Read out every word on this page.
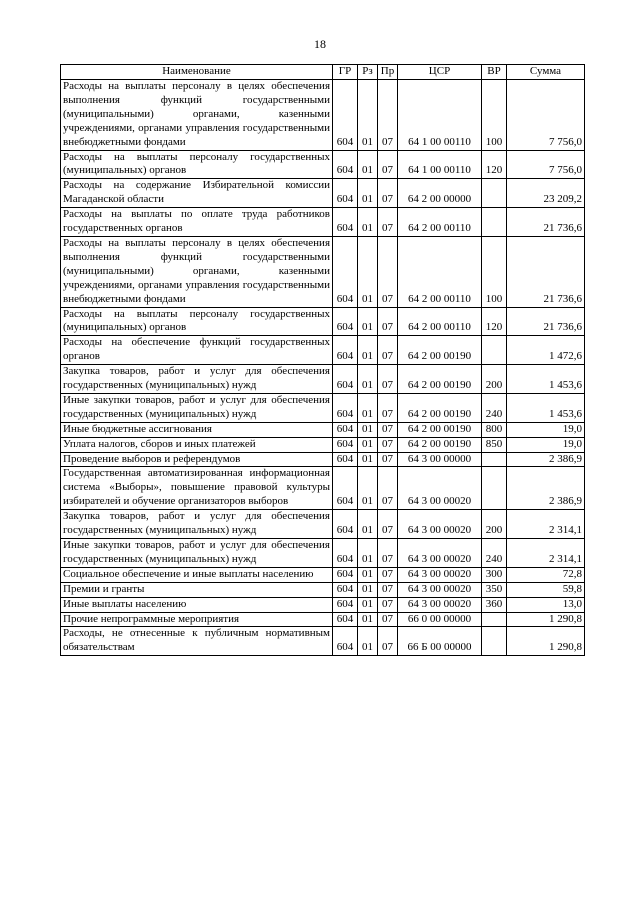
18
Наименование	ГР	Рз	Пр	ЦСР	ВР	Сумма
Расходы на выплаты персоналу в целях обеспечения выполнения функций государственными (муниципальными) органами, казенными учреждениями, органами управления государственными внебюджетными фондами	604	01	07	64 1 00 00110	100	7 756,0
Расходы на выплаты персоналу государственных (муниципальных) органов	604	01	07	64 1 00 00110	120	7 756,0
Расходы на содержание Избирательной комиссии Магаданской области	604	01	07	64 2 00 00000		23 209,2
Расходы на выплаты по оплате труда работников государственных органов	604	01	07	64 2 00 00110		21 736,6
Расходы на выплаты персоналу в целях обеспечения выполнения функций государственными (муниципальными) органами, казенными учреждениями, органами управления государственными внебюджетными фондами	604	01	07	64 2 00 00110	100	21 736,6
Расходы на выплаты персоналу государственных (муниципальных) органов	604	01	07	64 2 00 00110	120	21 736,6
Расходы на обеспечение функций государственных органов	604	01	07	64 2 00 00190		1 472,6
Закупка товаров, работ и услуг для обеспечения государственных (муниципальных) нужд	604	01	07	64 2 00 00190	200	1 453,6
Иные закупки товаров, работ и услуг для обеспечения государственных (муниципальных) нужд	604	01	07	64 2 00 00190	240	1 453,6
Иные бюджетные ассигнования	604	01	07	64 2 00 00190	800	19,0
Уплата налогов, сборов и иных платежей	604	01	07	64 2 00 00190	850	19,0
Проведение выборов и референдумов	604	01	07	64 3 00 00000		2 386,9
Государственная автоматизированная информационная система «Выборы», повышение правовой культуры избирателей и обучение организаторов выборов	604	01	07	64 3 00 00020		2 386,9
Закупка товаров, работ и услуг для обеспечения государственных (муниципальных) нужд	604	01	07	64 3 00 00020	200	2 314,1
Иные закупки товаров, работ и услуг для обеспечения государственных (муниципальных) нужд	604	01	07	64 3 00 00020	240	2 314,1
Социальное обеспечение и иные выплаты населению	604	01	07	64 3 00 00020	300	72,8
Премии и гранты	604	01	07	64 3 00 00020	350	59,8
Иные выплаты населению	604	01	07	64 3 00 00020	360	13,0
Прочие непрограммные мероприятия	604	01	07	66 0 00 00000		1 290,8
Расходы, не отнесенные к публичным нормативным обязательствам	604	01	07	66 Б 00 00000		1 290,8
